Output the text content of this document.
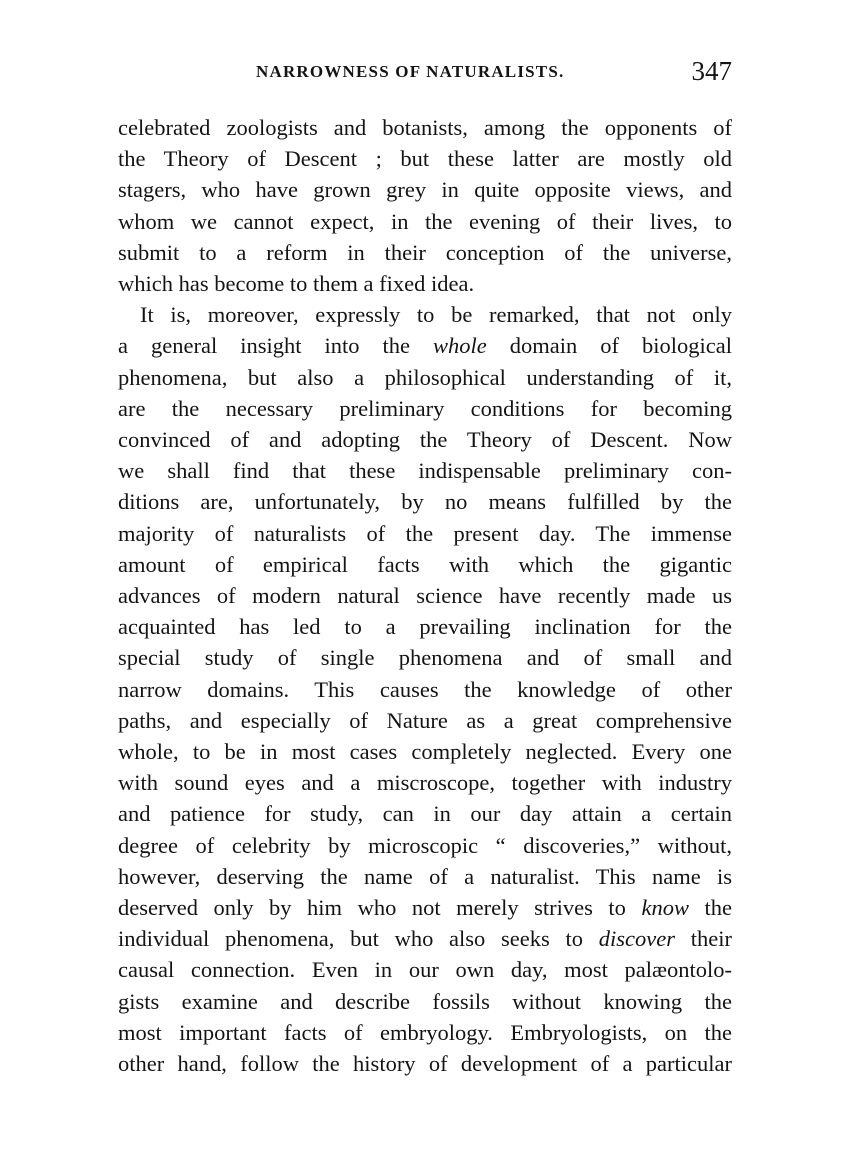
NARROWNESS OF NATURALISTS.	347
celebrated zoologists and botanists, among the opponents of
the Theory of Descent ; but these latter are mostly old
stagers, who have grown grey in quite opposite views, and
whom we cannot expect, in the evening of their lives, to
submit to a reform in their conception of the universe,
which has become to them a fixed idea.
It is, moreover, expressly to be remarked, that not only
a general insight into the whole domain of biological
phenomena, but also a philosophical understanding of it,
are the necessary preliminary conditions for becoming
convinced of and adopting the Theory of Descent. Now
we shall find that these indispensable preliminary con-
ditions are, unfortunately, by no means fulfilled by the
majority of naturalists of the present day. The immense
amount of empirical facts with which the gigantic
advances of modern natural science have recently made us
acquainted has led to a prevailing inclination for the
special study of single phenomena and of small and
narrow domains. This causes the knowledge of other
paths, and especially of Nature as a great comprehensive
whole, to be in most cases completely neglected. Every one
with sound eyes and a miscroscope, together with industry
and patience for study, can in our day attain a certain
degree of celebrity by microscopic “ discoveries,” without,
however, deserving the name of a naturalist. This name is
deserved only by him who not merely strives to know the
individual phenomena, but who also seeks to discover their
causal connection. Even in our own day, most palæontolo-
gists examine and describe fossils without knowing the
most important facts of embryology. Embryologists, on the
other hand, follow the history of development of a particular
